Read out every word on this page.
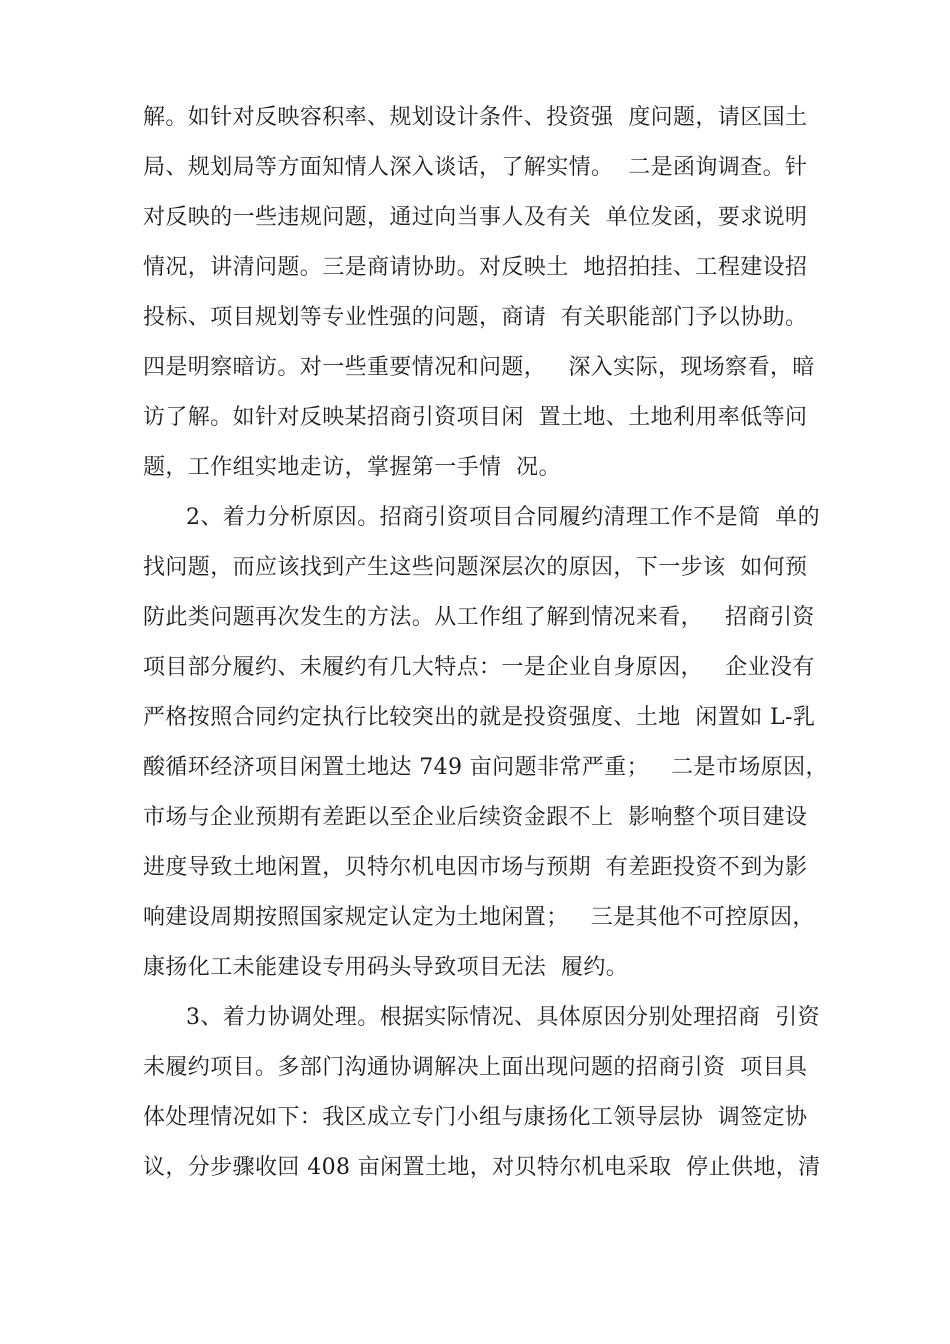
解。如针对反映容积率、规划设计条件、投资强  度问题，请区国土
局、规划局等方面知情人深入谈话，了解实情。  二是函询调查。针
对反映的一些违规问题，通过向当事人及有关  单位发函，要求说明
情况，讲清问题。三是商请协助。对反映土  地招拍挂、工程建设招
投标、项目规划等专业性强的问题，商请  有关职能部门予以协助。
四是明察暗访。对一些重要情况和问题，   深入实际，现场察看，暗
访了解。如针对反映某招商引资项目闲  置土地、土地利用率低等问
题，工作组实地走访，掌握第一手情  况。
2、着力分析原因。招商引资项目合同履约清理工作不是简  单的
找问题，而应该找到产生这些问题深层次的原因，下一步该  如何预
防此类问题再次发生的方法。从工作组了解到情况来看，   招商引资
项目部分履约、未履约有几大特点：一是企业自身原因，   企业没有
严格按照合同约定执行比较突出的就是投资强度、土地  闲置如 L-乳
酸循环经济项目闲置土地达 749 亩问题非常严重；   二是市场原因，
市场与企业预期有差距以至企业后续资金跟不上  影响整个项目建设
进度导致土地闲置，贝特尔机电因市场与预期  有差距投资不到为影
响建设周期按照国家规定认定为土地闲置；   三是其他不可控原因，
康扬化工未能建设专用码头导致项目无法  履约。
3、着力协调处理。根据实际情况、具体原因分别处理招商  引资
未履约项目。多部门沟通协调解决上面出现问题的招商引资  项目具
体处理情况如下：我区成立专门小组与康扬化工领导层协  调签定协
议，分步骤收回 408 亩闲置土地，对贝特尔机电采取  停止供地，清
